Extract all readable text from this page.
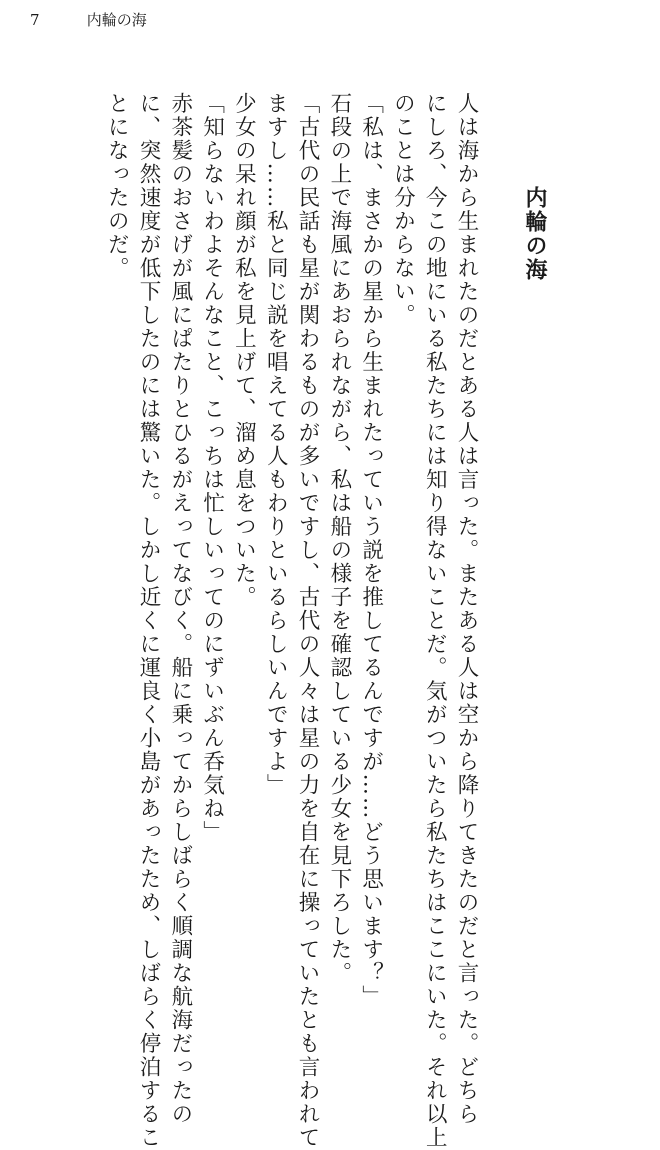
7	内輪の海
内輪の海

人は海から生まれたのだとある人は言った。またある人は空から降りてきたのだと言った。どちら

にしろ、今この地にいる私たちには知り得ないことだ。気がついたら私たちはここにいた。それ以上

のことは分からない。

「私は、まさかの星から生まれたっていう説を推してるんですが……どう思います？」

石段の上で海風にあおられながら、私は船の様子を確認している少女を見下ろした。

「古代の民話も星が関わるものが多いですし、古代の人々は星の力を自在に操っていたとも言われて

ますし……私と同じ説を唱えてる人もわりといるらしいんですよ」

少女の呆れ顔が私を見上げて、溜め息をついた。

「知らないわよそんなこと、こっちは忙しいってのにずいぶん呑気ね」

赤茶髪のおさげが風にぱたりとひるがえってなびく。船に乗ってからしばらく順調な航海だったの

に、突然速度が低下したのには驚いた。しかし近くに運良く小島があったため、しばらく停泊するこ

とになったのだ。
